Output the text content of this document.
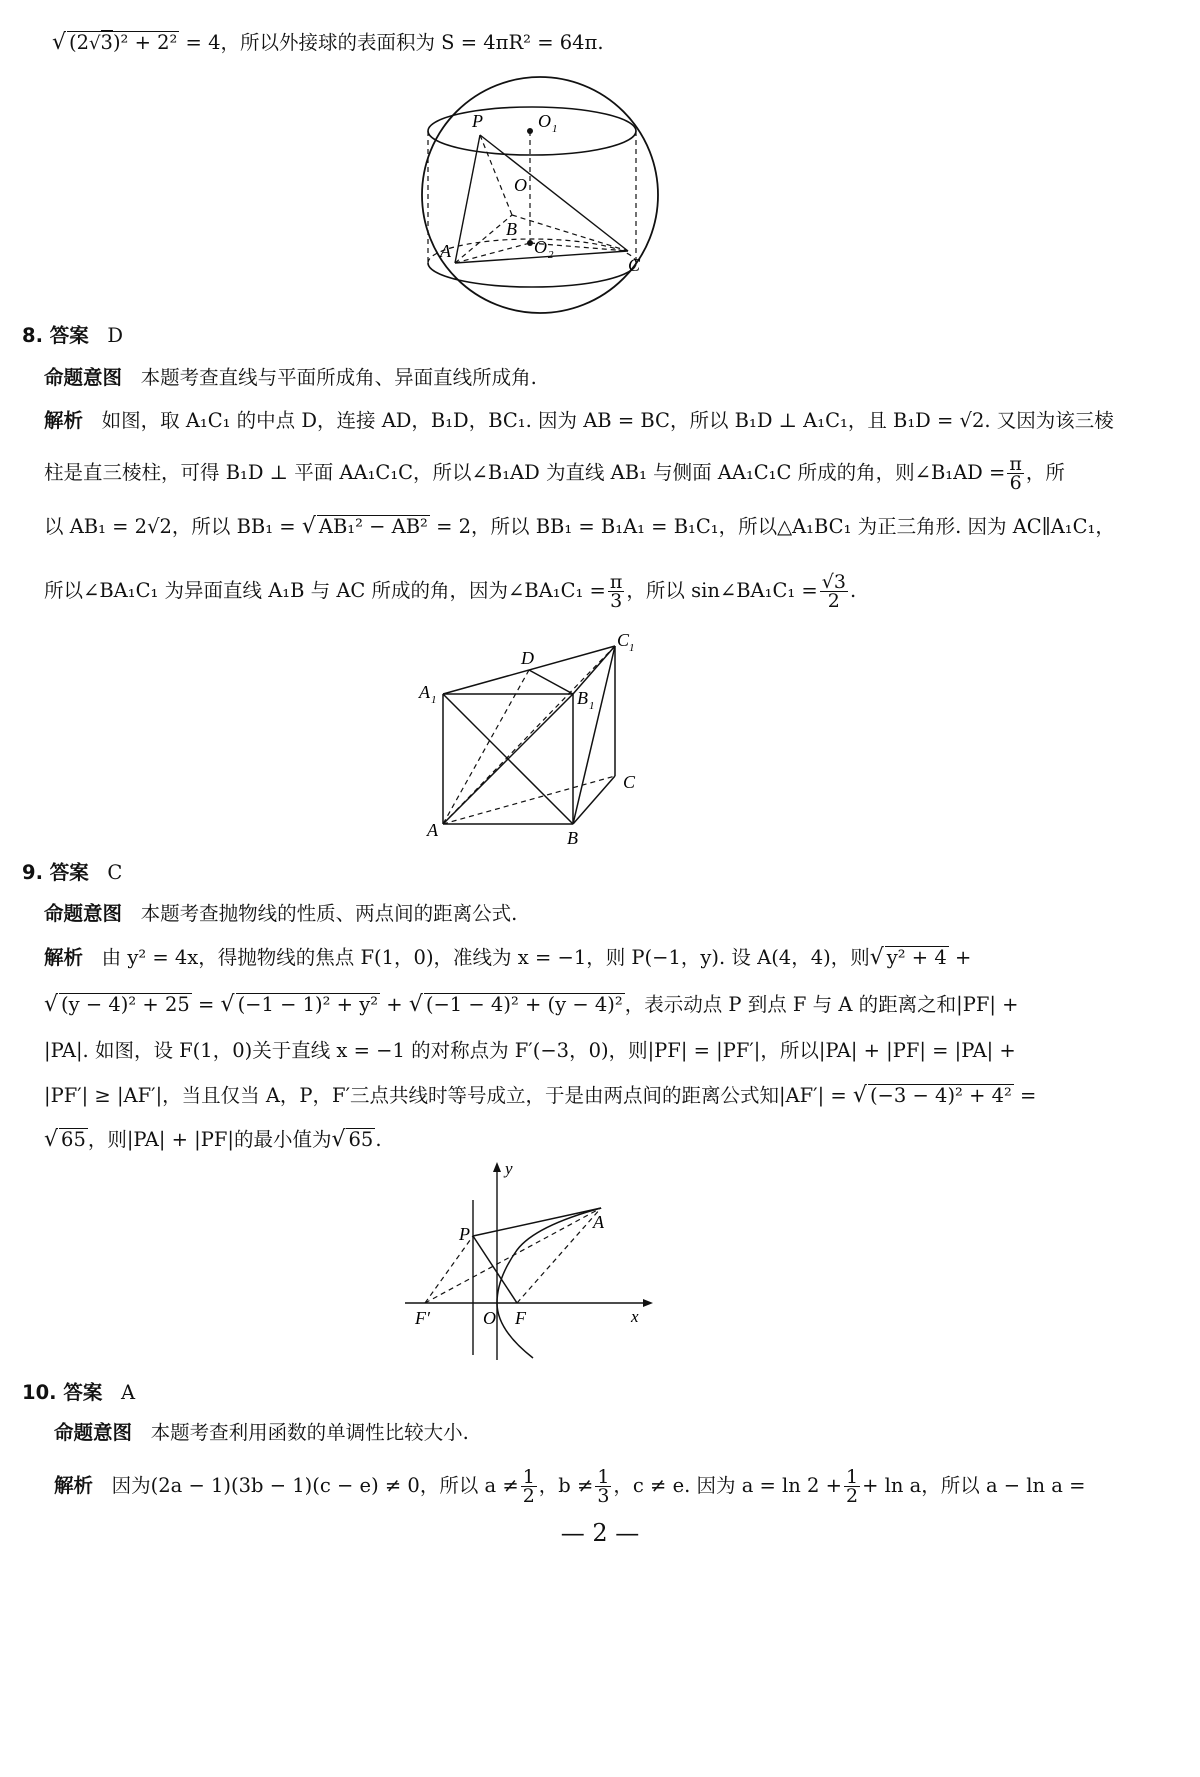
√ (2√3)² + 2² = 4，所以外接球的表面积为 S = 4πR² = 64π.
P	O 1
O
B
A	O 2	C
8. 答案 D
命题意图 本题考查直线与平面所成角、异面直线所成角.
解析 如图，取 A₁C₁ 的中点 D，连接 AD，B₁D，BC₁. 因为 AB = BC，所以 B₁D ⊥ A₁C₁，且 B₁D = √2. 又因为该三棱
柱是直三棱柱，可得 B₁D ⊥ 平面 AA₁C₁C，所以∠B₁AD 为直线 AB₁ 与侧面 AA₁C₁C 所成的角，则∠B₁AD = $\frac{\pi}{6}$ ，所
以 AB₁ = 2√2，所以 BB₁ = √ AB₁² − AB² = 2，所以 BB₁ = B₁A₁ = B₁C₁，所以△A₁BC₁ 为正三角形. 因为 AC∥A₁C₁，
所以∠BA₁C₁ 为异面直线 A₁B 与 AC 所成的角，因为∠BA₁C₁ = $\frac{\pi}{3}$ ，所以 sin∠BA₁C₁ = $\frac{√3}{2}$ .
D
C 1
A 1	B 1
C
A	B
9. 答案 C
命题意图 本题考查抛物线的性质、两点间的距离公式.
解析 由 y² = 4x，得抛物线的焦点 F(1，0)，准线为 x = −1，则 P(−1，y). 设 A(4，4)，则√ y² + 4 +
√ (y − 4)² + 25 = √ (−1 − 1)² + y² + √ (−1 − 4)² + (y − 4)² ，表示动点 P 到点 F 与 A 的距离之和|PF| +
|PA|. 如图，设 F(1，0)关于直线 x = −1 的对称点为 F′(−3，0)，则|PF| = |PF′|，所以|PA| + |PF| = |PA| +
|PF′| ≥ |AF′|，当且仅当 A，P，F′三点共线时等号成立，于是由两点间的距离公式知|AF′| = √ (−3 − 4)² + 4² =
√ 65 ，则|PA| + |PF|的最小值为√ 65 .
y
P
A
F′	O F	x
10. 答案 A
命题意图 本题考查利用函数的单调性比较大小.
解析 因为(2a − 1)(3b − 1)(c − e) ≠ 0，所以 $a \ne \frac{1}{2}$ ，$b \ne \frac{1}{3}$ ，c ≠ e. 因为 $a = \ln 2 + \frac{1}{2} + \ln a$，所以 a − ln a =
— 2 —
